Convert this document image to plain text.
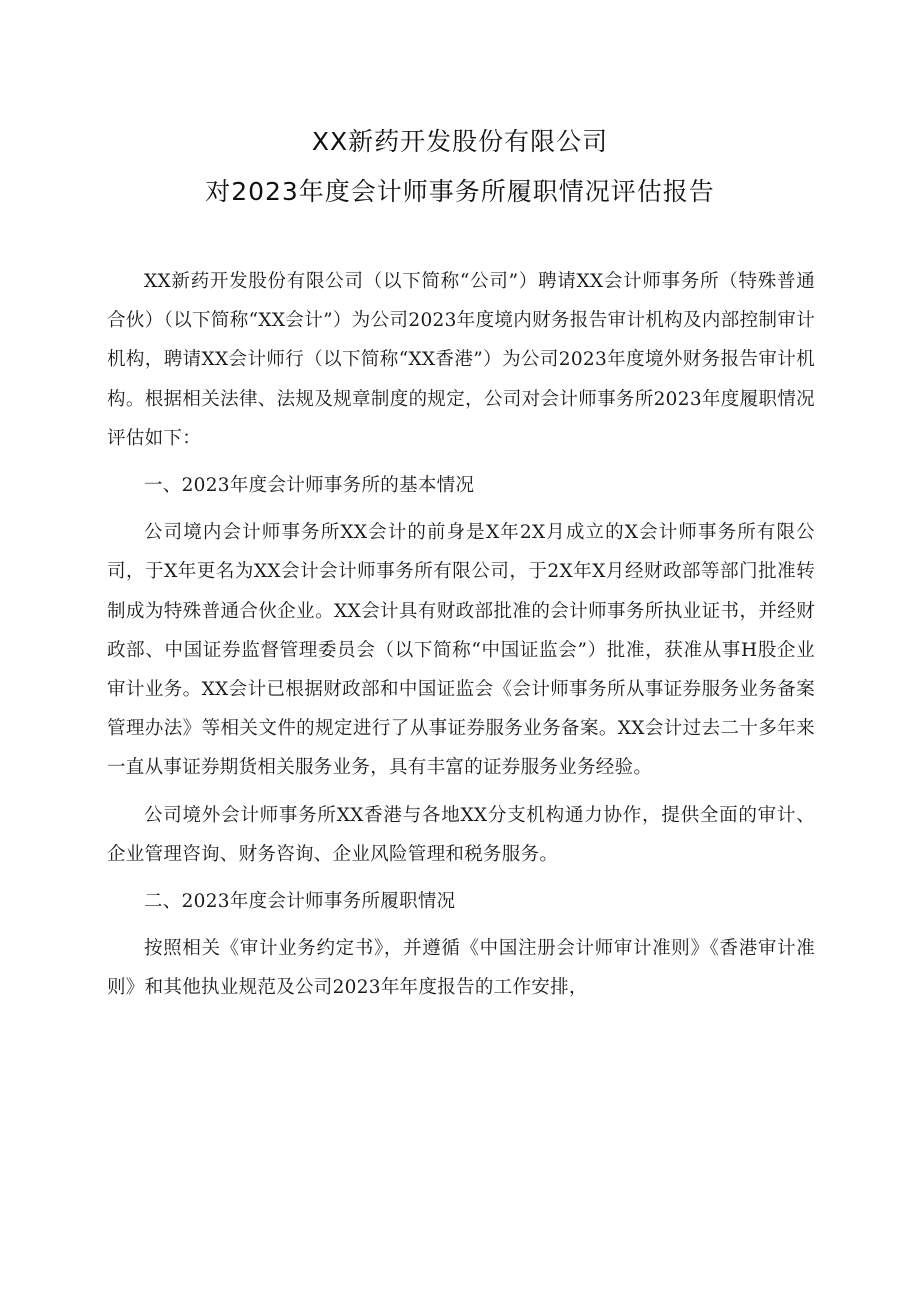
XX新药开发股份有限公司
对2023年度会计师事务所履职情况评估报告

XX新药开发股份有限公司（以下简称“公司”）聘请XX会计师事务所（特殊普通合伙）（以下简称“XX会计”）为公司2023年度境内财务报告审计机构及内部控制审计机构，聘请XX会计师行（以下简称“XX香港”）为公司2023年度境外财务报告审计机构。根据相关法律、法规及规章制度的规定，公司对会计师事务所2023年度履职情况评估如下：

一、2023年度会计师事务所的基本情况

公司境内会计师事务所XX会计的前身是X年2X月成立的X会计师事务所有限公司，于X年更名为XX会计会计师事务所有限公司，于2X年X月经财政部等部门批准转制成为特殊普通合伙企业。XX会计具有财政部批准的会计师事务所执业证书，并经财政部、中国证券监督管理委员会（以下简称“中国证监会”）批准，获准从事H股企业审计业务。XX会计已根据财政部和中国证监会《会计师事务所从事证券服务业务备案管理办法》等相关文件的规定进行了从事证券服务业务备案。XX会计过去二十多年来一直从事证券期货相关服务业务，具有丰富的证券服务业务经验。

公司境外会计师事务所XX香港与各地XX分支机构通力协作，提供全面的审计、企业管理咨询、财务咨询、企业风险管理和税务服务。

二、2023年度会计师事务所履职情况

按照相关《审计业务约定书》，并遵循《中国注册会计师审计准则》《香港审计准则》和其他执业规范及公司2023年年度报告的工作安排，
